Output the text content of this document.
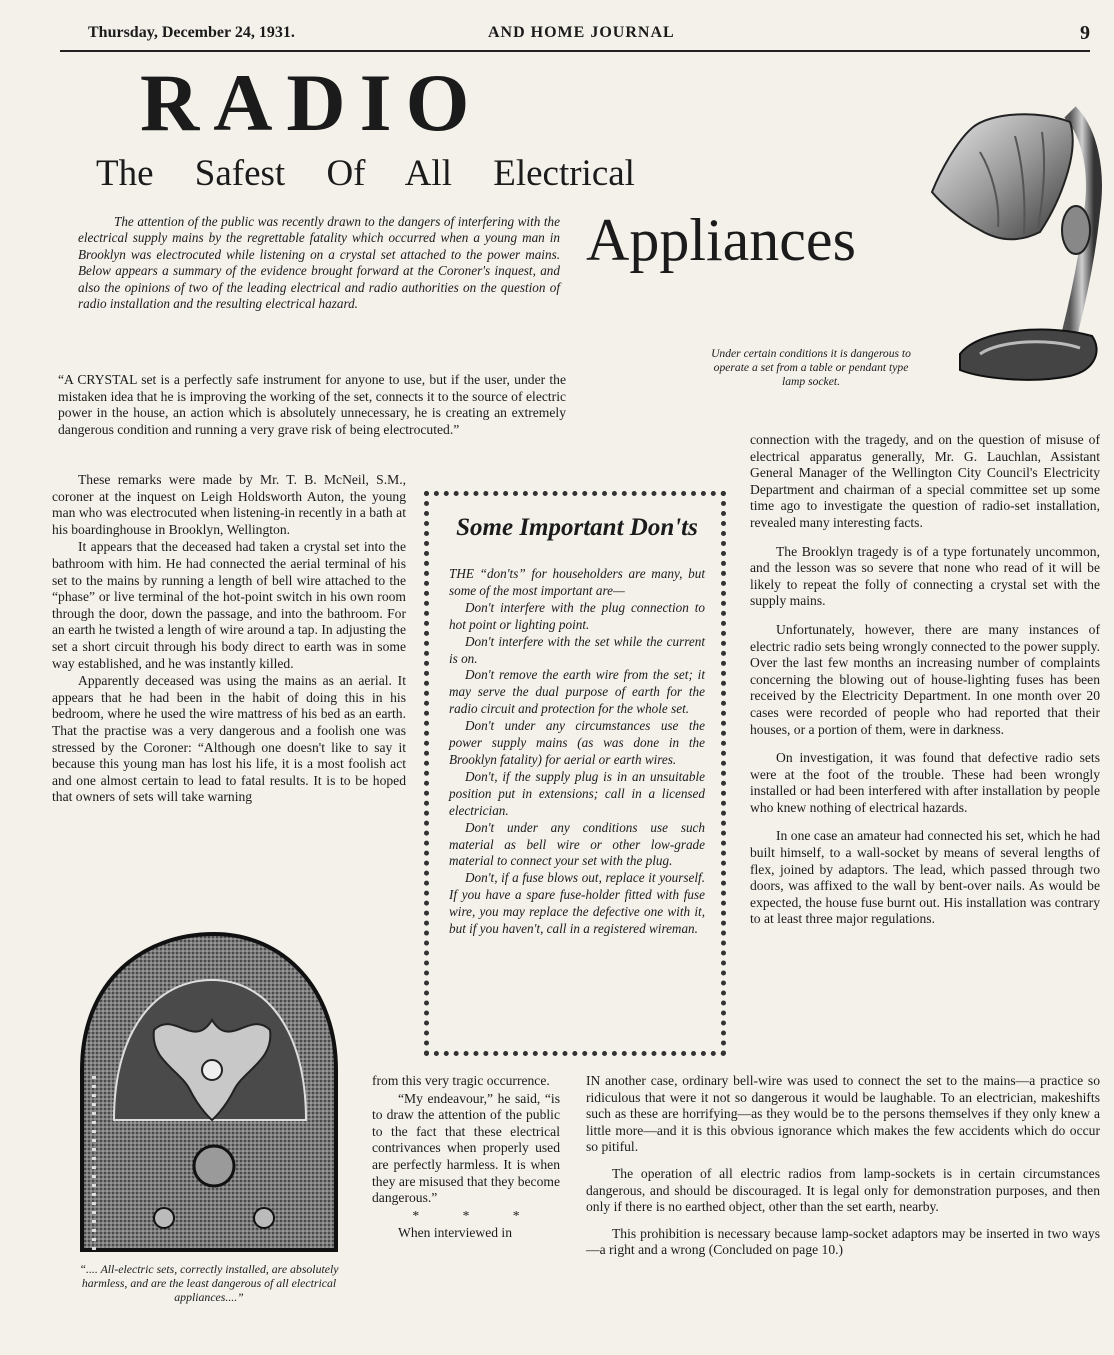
Thursday, December 24, 1931.	AND HOME JOURNAL	9
RADIO
The Safest Of All Electrical
Appliances

The attention of the public was recently drawn to the dangers of interfering with the electrical supply mains by the regrettable fatality which occurred when a young man in Brooklyn was electrocuted while listening on a crystal set attached to the power mains. Below appears a summary of the evidence brought forward at the Coroner's inquest, and also the opinions of two of the leading electrical and radio authorities on the question of radio installation and the resulting electrical hazard.

Under certain conditions it is dangerous to operate a set from a table or pendant type lamp socket.

“A CRYSTAL set is a perfectly safe instrument for anyone to use, but if the user, under the mistaken idea that he is improving the working of the set, connects it to the source of electric power in the house, an action which is absolutely unnecessary, he is creating an extremely dangerous condition and running a very grave risk of being electrocuted.”

These remarks were made by Mr. T. B. McNeil, S.M., coroner at the inquest on Leigh Holdsworth Auton, the young man who was electrocuted when listening-in recently in a bath at his boardinghouse in Brooklyn, Wellington.

It appears that the deceased had taken a crystal set into the bathroom with him. He had connected the aerial terminal of his set to the mains by running a length of bell wire attached to the “phase” or live terminal of the hot-point switch in his own room through the door, down the passage, and into the bathroom. For an earth he twisted a length of wire around a tap. In adjusting the set a short circuit through his body direct to earth was in some way established, and he was instantly killed.

Apparently deceased was using the mains as an aerial. It appears that he had been in the habit of doing this in his bedroom, where he used the wire mattress of his bed as an earth. That the practise was a very dangerous and a foolish one was stressed by the Coroner: “Although one doesn't like to say it because this young man has lost his life, it is a most foolish act and one almost certain to lead to fatal results. It is to be hoped that owners of sets will take warning

Some Important Don'ts

THE “don'ts” for householders are many, but some of the most important are—

Don't interfere with the plug connection to hot point or lighting point.

Don't interfere with the set while the current is on.

Don't remove the earth wire from the set; it may serve the dual purpose of earth for the radio circuit and protection for the whole set.

Don't under any circumstances use the power supply mains (as was done in the Brooklyn fatality) for aerial or earth wires.

Don't, if the supply plug is in an unsuitable position put in extensions; call in a licensed electrician.

Don't under any conditions use such material as bell wire or other low-grade material to connect your set with the plug.

Don't, if a fuse blows out, replace it yourself. If you have a spare fuse-holder fitted with fuse wire, you may replace the defective one with it, but if you haven't, call in a registered wireman.

connection with the tragedy, and on the question of misuse of electrical apparatus generally, Mr. G. Lauchlan, Assistant General Manager of the Wellington City Council's Electricity Department and chairman of a special committee set up some time ago to investigate the question of radio-set installation, revealed many interesting facts.

The Brooklyn tragedy is of a type fortunately uncommon, and the lesson was so severe that none who read of it will be likely to repeat the folly of connecting a crystal set with the supply mains.

Unfortunately, however, there are many instances of electric radio sets being wrongly connected to the power supply. Over the last few months an increasing number of complaints concerning the blowing out of house-lighting fuses has been received by the Electricity Department. In one month over 20 cases were recorded of people who had reported that their houses, or a portion of them, were in darkness.

On investigation, it was found that defective radio sets were at the foot of the trouble. These had been wrongly installed or had been interfered with after installation by people who knew nothing of electrical hazards.

In one case an amateur had connected his set, which he had built himself, to a wall-socket by means of several lengths of flex, joined by adaptors. The lead, which passed through two doors, was affixed to the wall by bent-over nails. As would be expected, the house fuse burnt out. His installation was contrary to at least three major regulations.

“.... All-electric sets, correctly installed, are absolutely harmless, and are the least dangerous of all electrical appliances....”

from this very tragic occurrence.

“My endeavour,” he said, “is to draw the attention of the public to the fact that these electrical contrivances when properly used are perfectly harmless. It is when they are misused that they become dangerous.”

* * *

When interviewed in

IN another case, ordinary bell-wire was used to connect the set to the mains—a practice so ridiculous that were it not so dangerous it would be laughable. To an electrician, makeshifts such as these are horrifying—as they would be to the persons themselves if they only knew a little more—and it is this obvious ignorance which makes the few accidents which do occur so pitiful.

The operation of all electric radios from lamp-sockets is in certain circumstances dangerous, and should be discouraged. It is legal only for demonstration purposes, and then only if there is no earthed object, other than the set earth, nearby.

This prohibition is necessary because lamp-socket adaptors may be inserted in two ways—a right and a wrong (Concluded on page 10.)
